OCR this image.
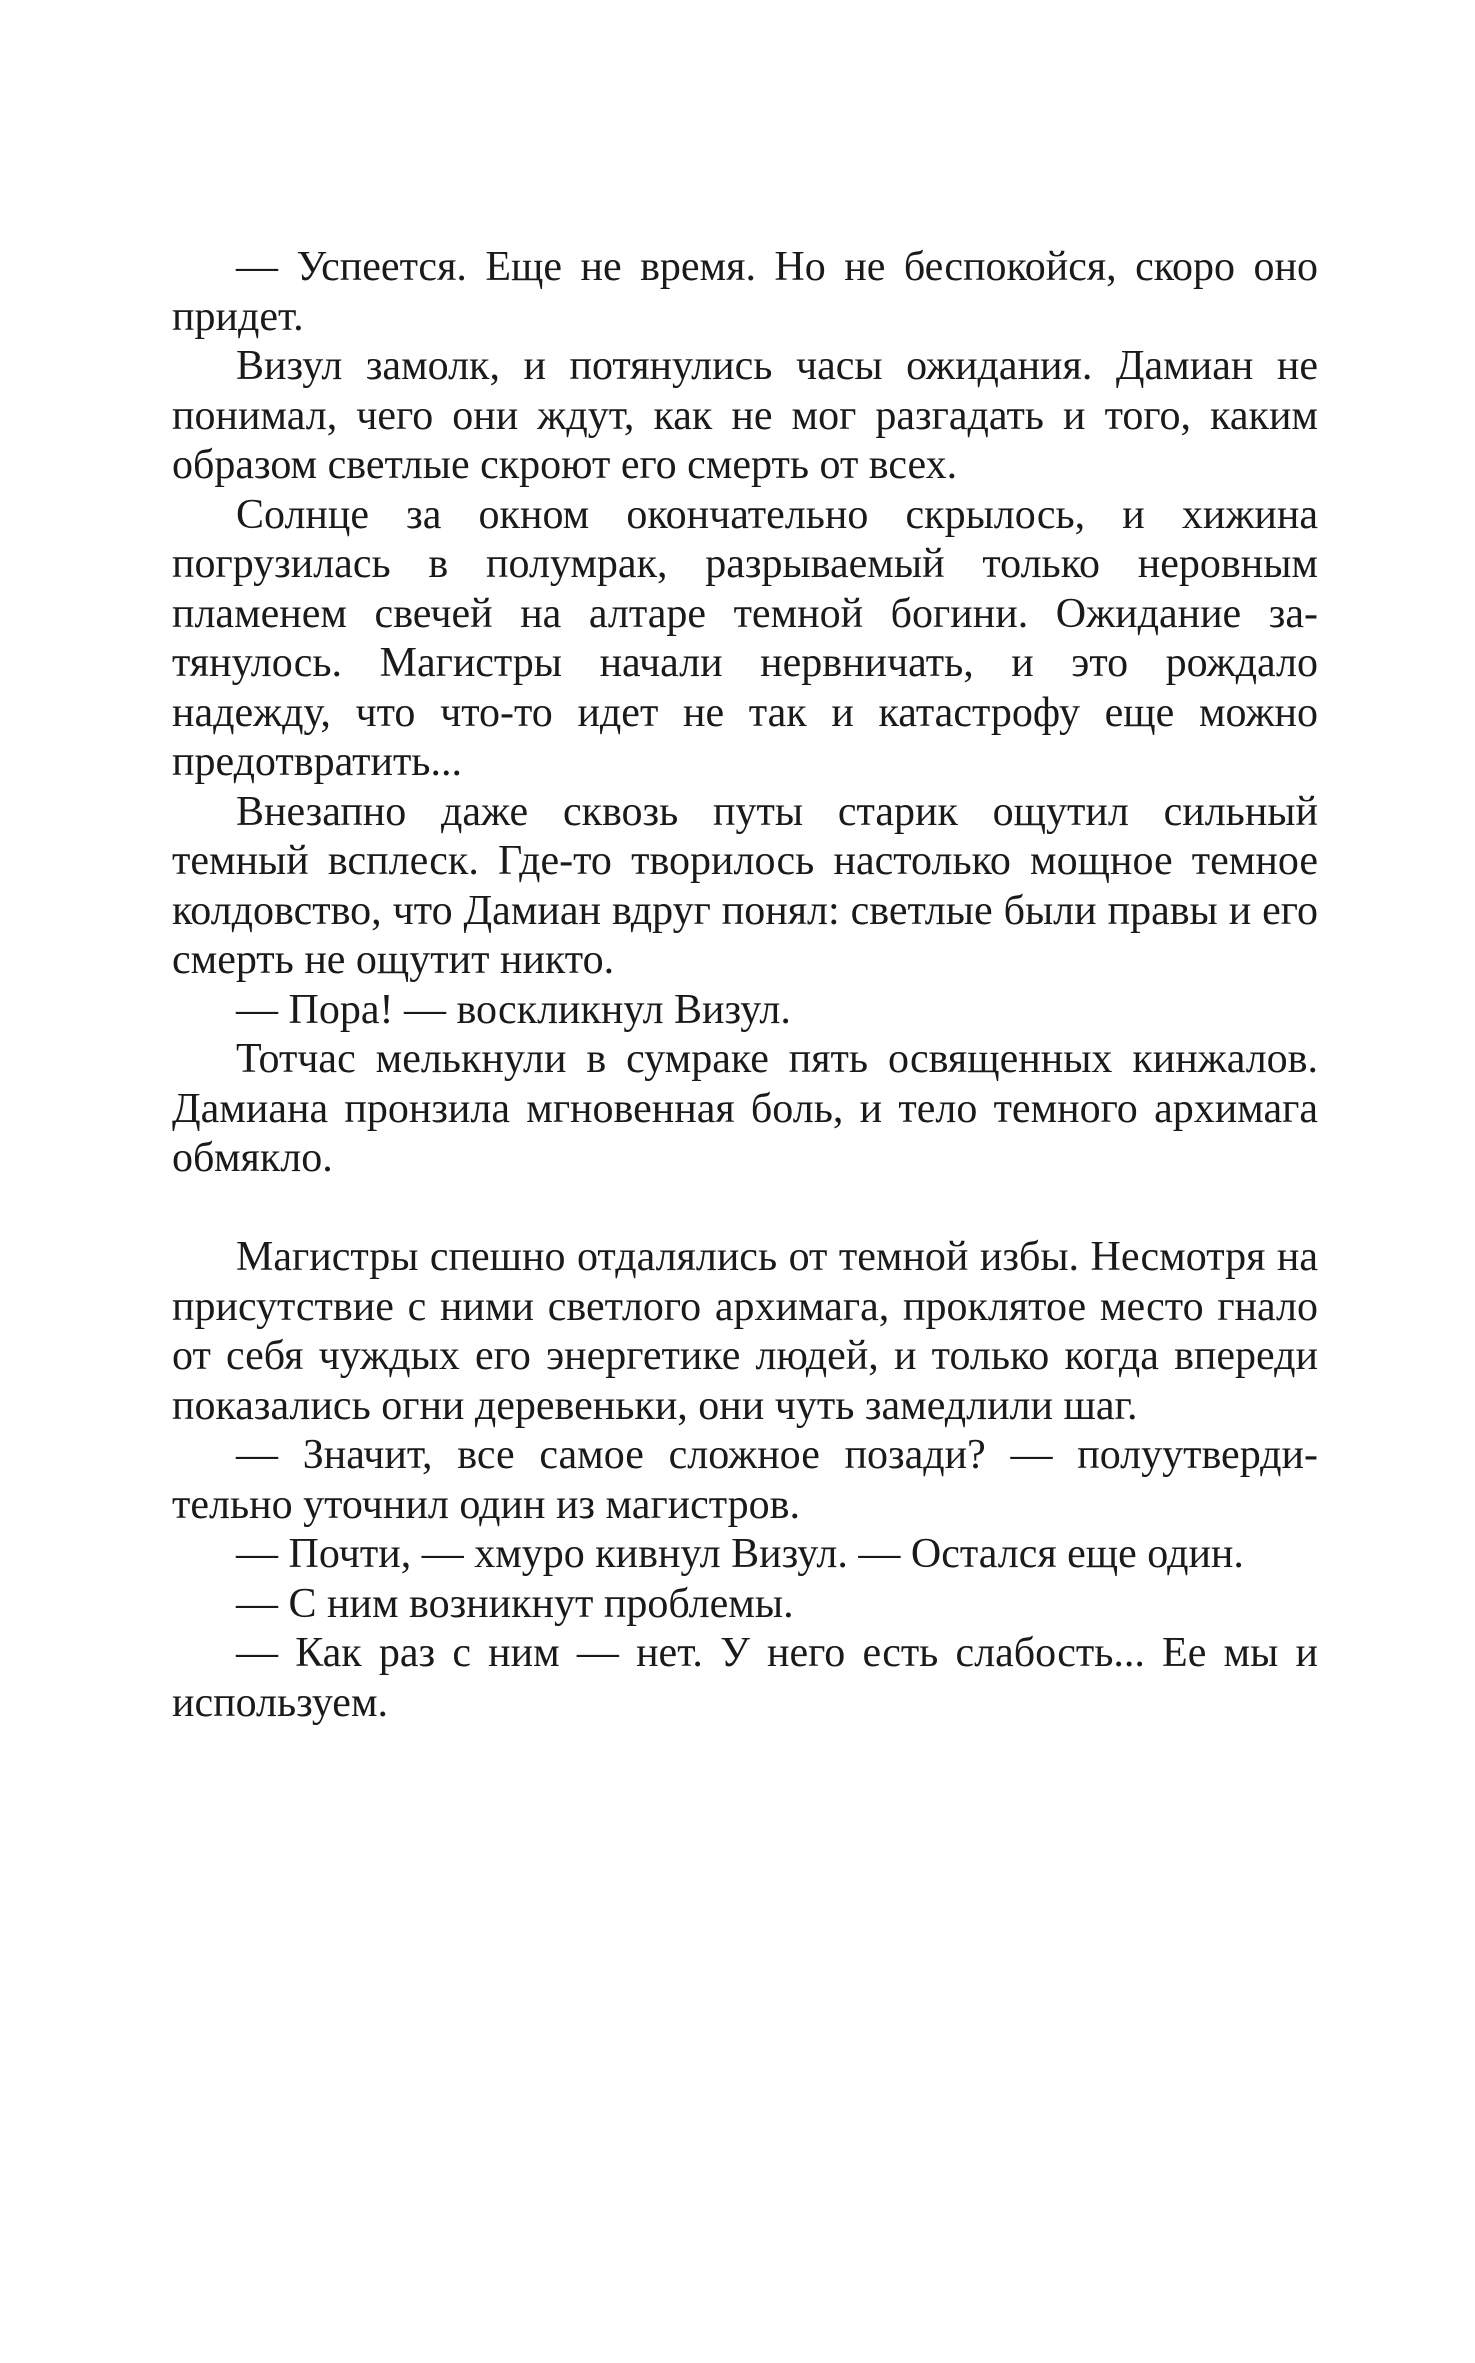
— Успеется. Еще не время. Но не беспокойся, скоро оно придет.

Визул замолк, и потянулись часы ожидания. Дамиан не понимал, чего они ждут, как не мог разгадать и того, каким образом светлые скроют его смерть от всех.

Солнце за окном окончательно скрылось, и хижина погрузилась в полумрак, разрываемый только неровным пламенем свечей на алтаре темной богини. Ожидание затянулось. Магистры начали нервничать, и это рождало надежду, что что-то идет не так и катастрофу еще можно предотвратить...

Внезапно даже сквозь путы старик ощутил сильный темный всплеск. Где-то творилось настолько мощное темное колдовство, что Дамиан вдруг понял: светлые были правы и его смерть не ощутит никто.

— Пора! — воскликнул Визул.

Тотчас мелькнули в сумраке пять освященных кинжалов. Дамиана пронзила мгновенная боль, и тело темного архимага обмякло.

Магистры спешно отдалялись от темной избы. Несмотря на присутствие с ними светлого архимага, проклятое место гнало от себя чуждых его энергетике людей, и только когда впереди показались огни деревеньки, они чуть замедлили шаг.

— Значит, все самое сложное позади? — полуутвердительно уточнил один из магистров.

— Почти, — хмуро кивнул Визул. — Остался еще один.

— С ним возникнут проблемы.

— Как раз с ним — нет. У него есть слабость... Ее мы и используем.
